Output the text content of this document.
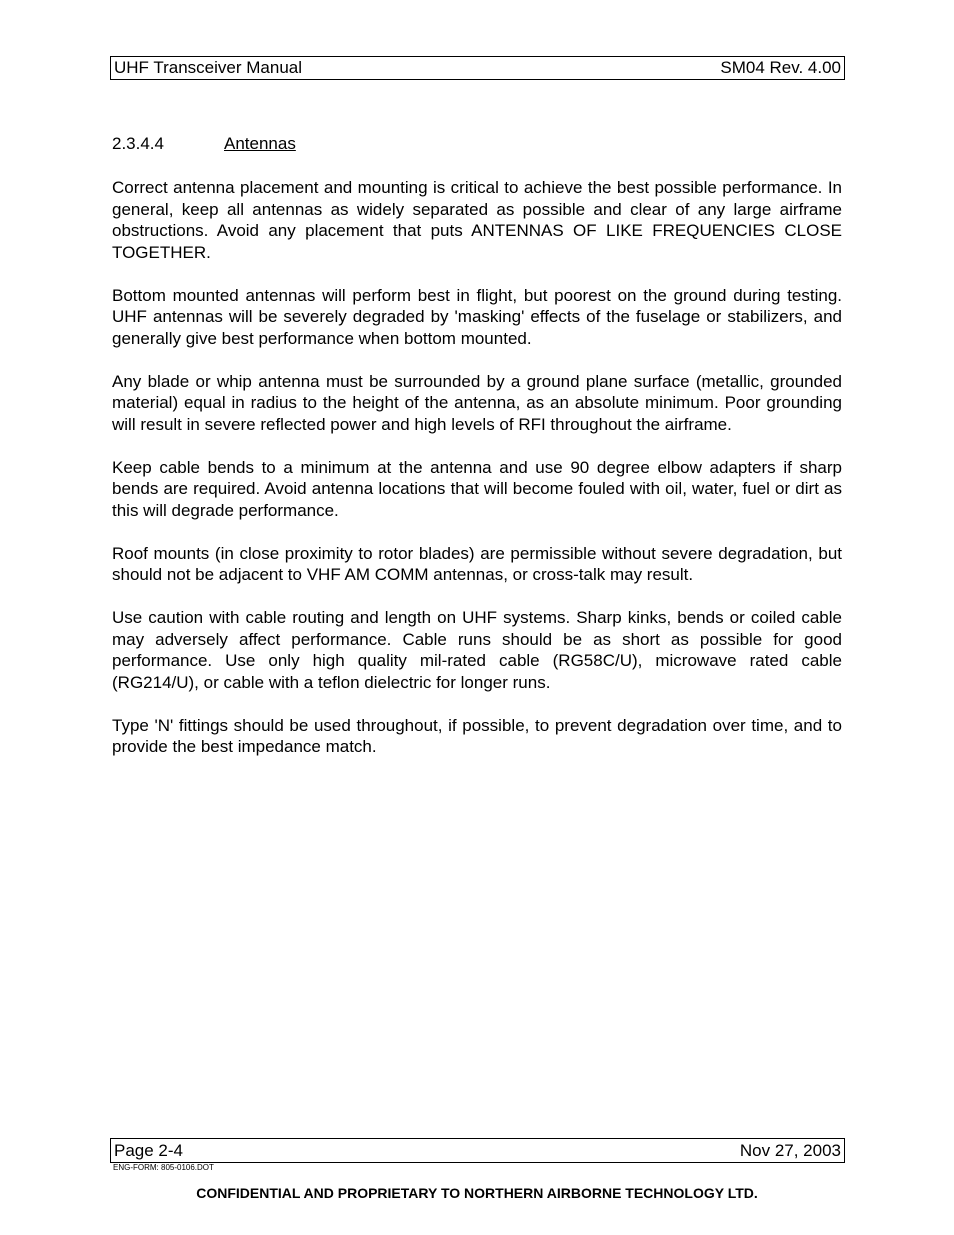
UHF Transceiver Manual	SM04 Rev. 4.00
2.3.4.4	Antennas

Correct antenna placement and mounting is critical to achieve the best possible performance. In general, keep all antennas as widely separated as possible and clear of any large airframe obstructions. Avoid any placement that puts ANTENNAS OF LIKE FREQUENCIES CLOSE TOGETHER.

Bottom mounted antennas will perform best in flight, but poorest on the ground during testing. UHF antennas will be severely degraded by 'masking' effects of the fuselage or stabilizers, and generally give best performance when bottom mounted.

Any blade or whip antenna must be surrounded by a ground plane surface (metallic, grounded material) equal in radius to the height of the antenna, as an absolute minimum. Poor grounding will result in severe reflected power and high levels of RFI throughout the airframe.

Keep cable bends to a minimum at the antenna and use 90 degree elbow adapters if sharp bends are required. Avoid antenna locations that will become fouled with oil, water, fuel or dirt as this will degrade performance.

Roof mounts (in close proximity to rotor blades) are permissible without severe degradation, but should not be adjacent to VHF AM COMM antennas, or cross-talk may result.

Use caution with cable routing and length on UHF systems. Sharp kinks, bends or coiled cable may adversely affect performance. Cable runs should be as short as possible for good performance. Use only high quality mil-rated cable (RG58C/U), microwave rated cable (RG214/U), or cable with a teflon dielectric for longer runs.

Type 'N' fittings should be used throughout, if possible, to prevent degradation over time, and to provide the best impedance match.

Page 2-4	Nov 27, 2003
ENG-FORM: 805-0106.DOT
CONFIDENTIAL AND PROPRIETARY TO NORTHERN AIRBORNE TECHNOLOGY LTD.
